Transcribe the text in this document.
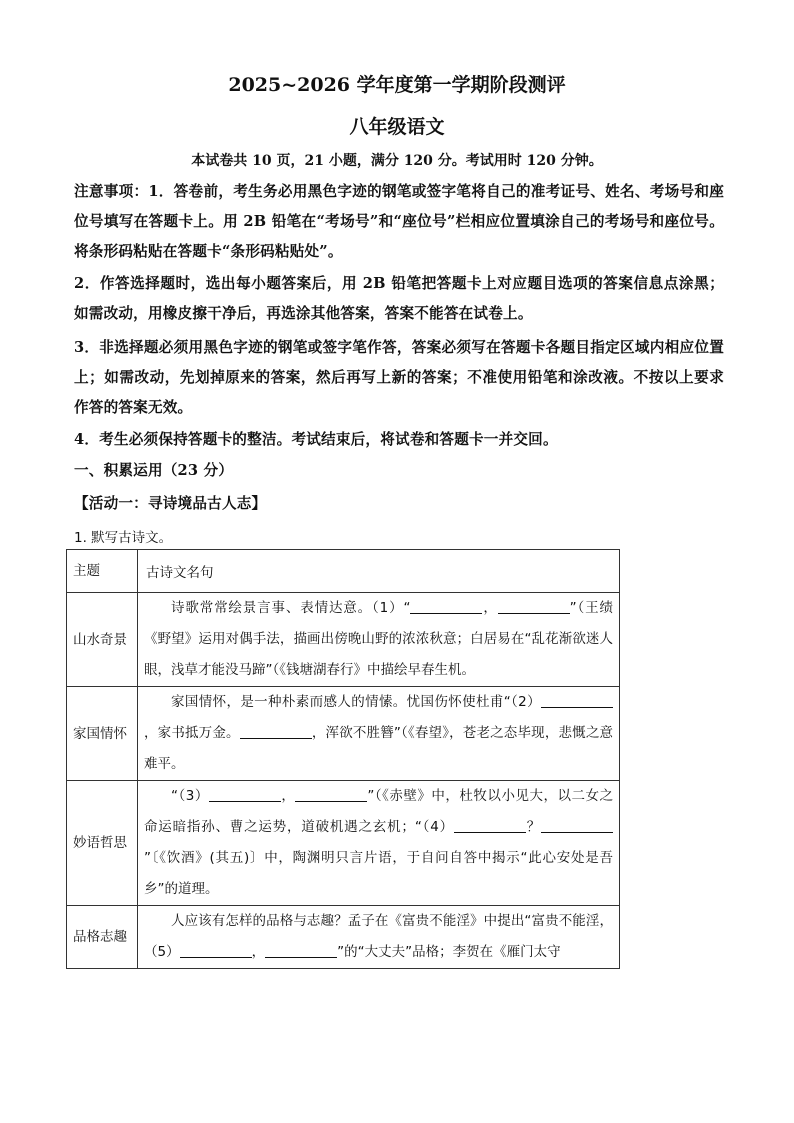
2025~2026 学年度第一学期阶段测评
八年级语文
本试卷共 10 页，21 小题，满分 120 分。考试用时 120 分钟。
注意事项：1．答卷前，考生务必用黑色字迹的钢笔或签字笔将自己的准考证号、姓名、考场号和座位号填写在答题卡上。用 2B 铅笔在“考场号”和“座位号”栏相应位置填涂自己的考场号和座位号。将条形码粘贴在答题卡“条形码粘贴处”。
2．作答选择题时，选出每小题答案后，用 2B 铅笔把答题卡上对应题目选项的答案信息点涂黑；如需改动，用橡皮擦干净后，再选涂其他答案，答案不能答在试卷上。
3．非选择题必须用黑色字迹的钢笔或签字笔作答，答案必须写在答题卡各题目指定区域内相应位置上；如需改动，先划掉原来的答案，然后再写上新的答案；不准使用铅笔和涂改液。不按以上要求作答的答案无效。
4．考生必须保持答题卡的整洁。考试结束后，将试卷和答题卡一并交回。
一、积累运用（23 分）
【活动一：寻诗境品古人志】
1. 默写古诗文。
主题	古诗文名句
山水奇景	诗歌常常绘景言事、表情达意。（1）“ ， ”（王绩《野望》运用对偶手法，描画出傍晚山野的浓浓秋意；白居易在“乱花渐欲迷人眼，浅草才能没马蹄”（《钱塘湖春行》中描绘早春生机。
家国情怀	家国情怀，是一种朴素而感人的情愫。忧国伤怀使杜甫“（2），家书抵万金。 ，浑欲不胜簪”（《春望》，苍老之态毕现，悲慨之意难平。
妙语哲思	“（3） ， ”（《赤壁》中，杜牧以小见大，以二女之命运暗指孙、曹之运势，道破机遇之玄机；“（4） ？”〔《饮酒》(其五)〕中，陶渊明只言片语，于自问自答中揭示“此心安处是吾乡”的道理。
品格志趣	人应该有怎样的品格与志趣？孟子在《富贵不能淫》中提出“富贵不能淫，（5） ， ”的“大丈夫”品格；李贺在《雁门太守
